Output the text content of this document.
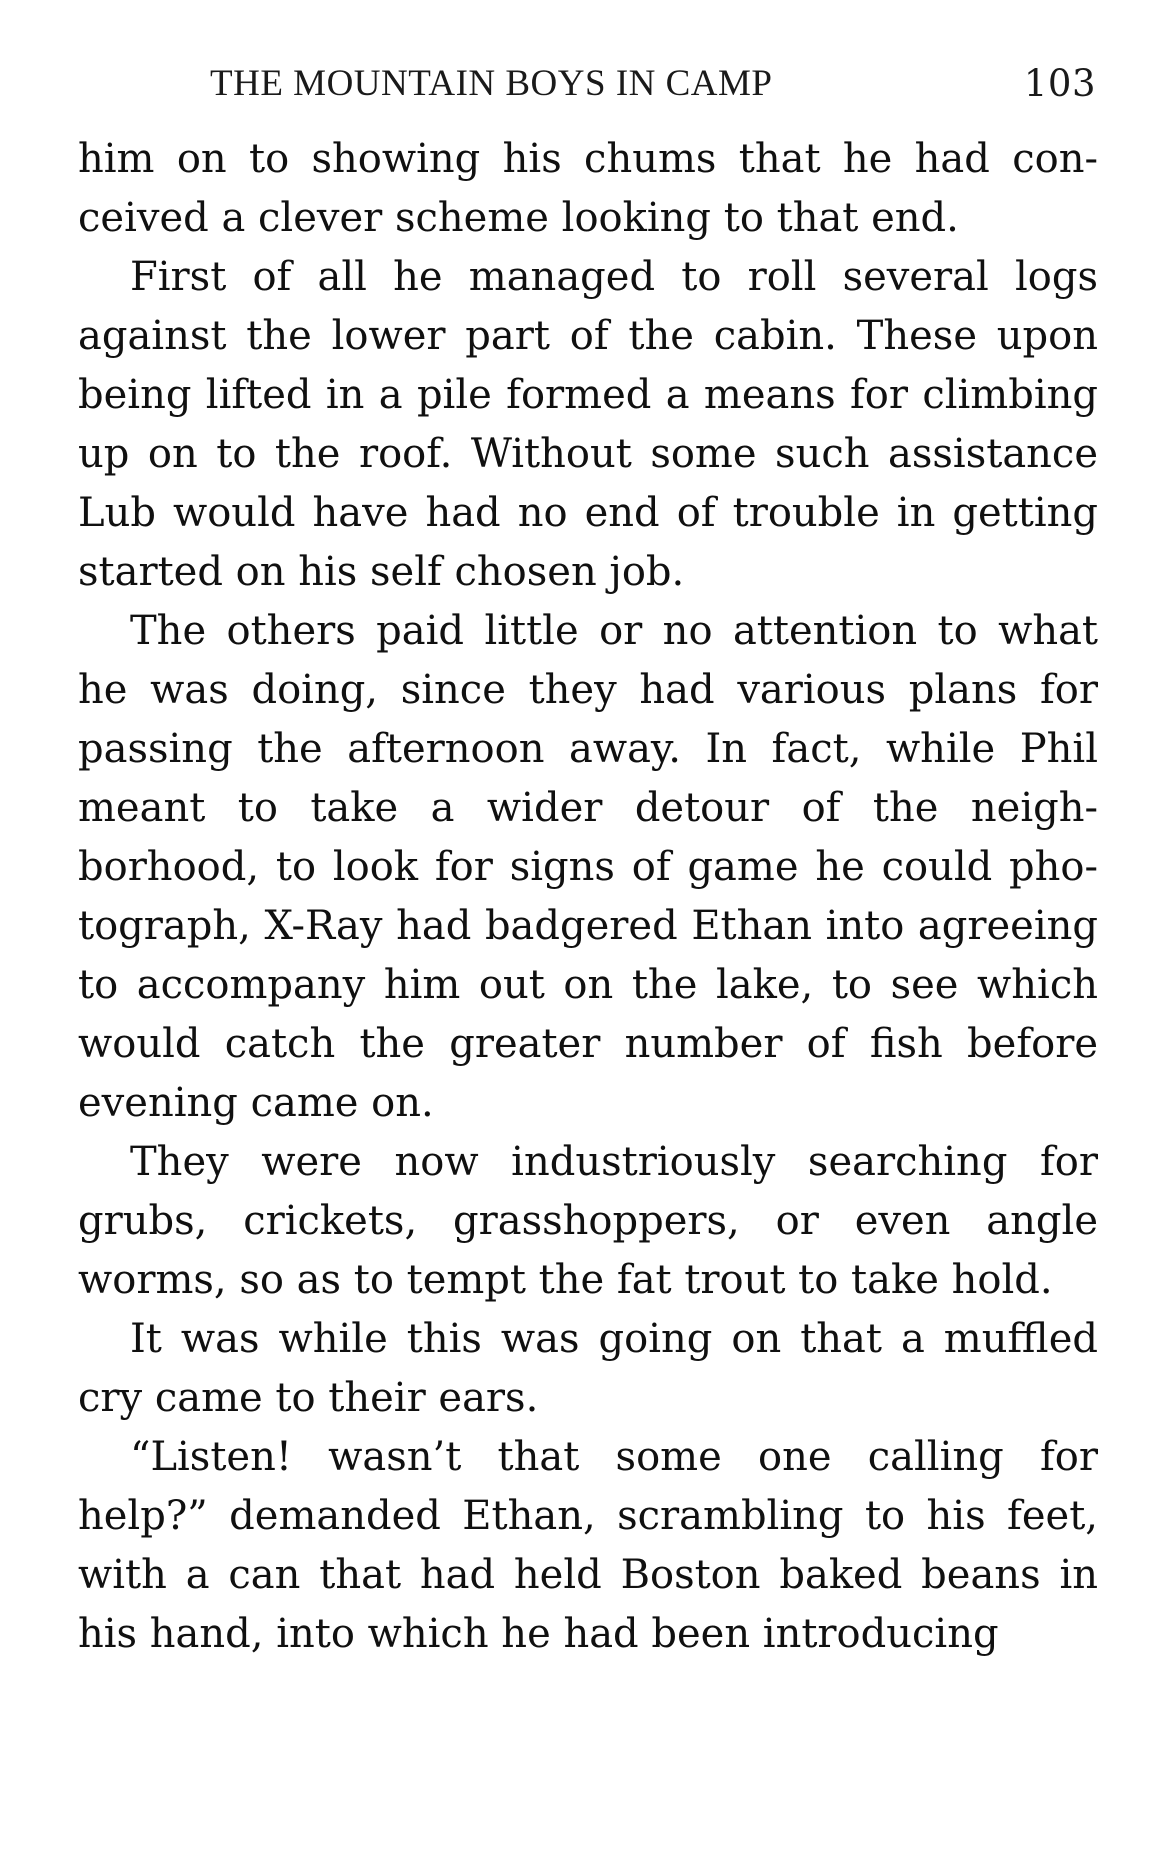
THE MOUNTAIN BOYS IN CAMP	103

him on to showing his chums that he had conceived a clever scheme looking to that end.

First of all he managed to roll several logs against the lower part of the cabin. These upon being lifted in a pile formed a means for climbing up on to the roof. Without some such assistance Lub would have had no end of trouble in getting started on his self chosen job.

The others paid little or no attention to what he was doing, since they had various plans for passing the afternoon away. In fact, while Phil meant to take a wider detour of the neighborhood, to look for signs of game he could photograph, X-Ray had badgered Ethan into agreeing to accompany him out on the lake, to see which would catch the greater number of fish before evening came on.

They were now industriously searching for grubs, crickets, grasshoppers, or even angle worms, so as to tempt the fat trout to take hold.

It was while this was going on that a muffled cry came to their ears.

“Listen! wasn’t that some one calling for help?” demanded Ethan, scrambling to his feet, with a can that had held Boston baked beans in his hand, into which he had been introducing
